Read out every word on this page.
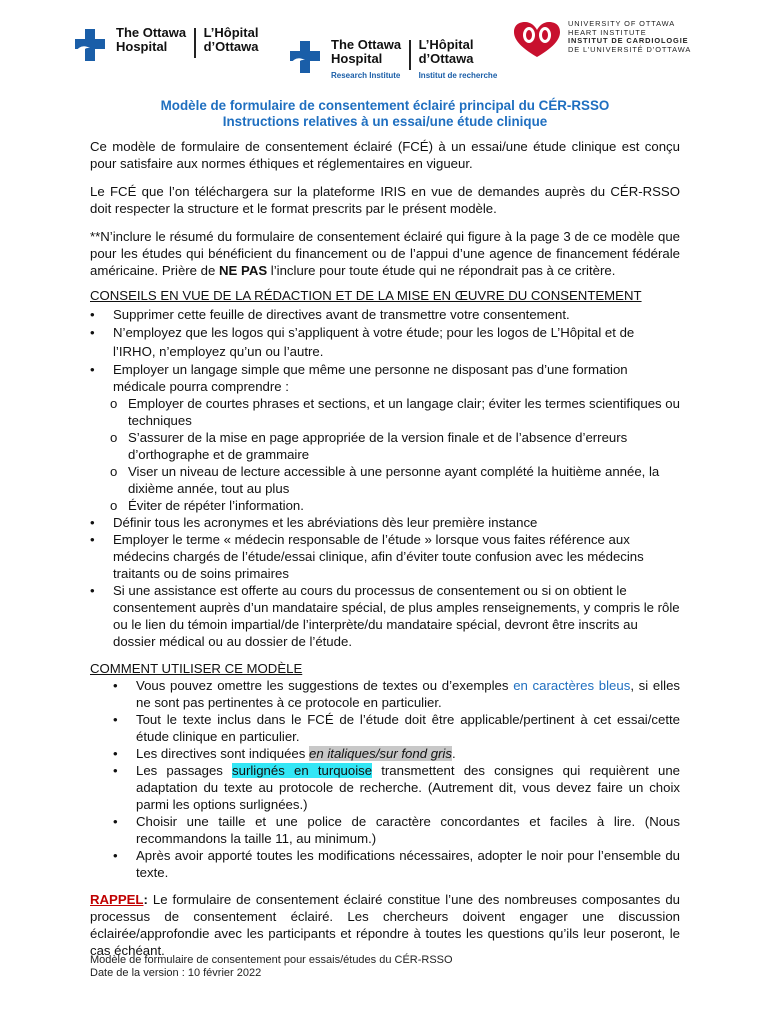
The Ottawa
HospitalL’Hôpital
d’Ottawa	The Ottawa
Hospital
Research Institute
L’Hôpital
d’Ottawa
Institut de recherche
UNIVERSITY OF OTTAWA
HEART INSTITUTE
INSTITUT DE CARDIOLOGIE
DE L’UNIVERSITÉ D’OTTAWA
Modèle de formulaire de consentement éclairé principal du CÉR-RSSO
Instructions relatives à un essai/une étude clinique

Ce modèle de formulaire de consentement éclairé (FCÉ) à un essai/une étude clinique est conçu pour satisfaire aux normes éthiques et réglementaires en vigueur.

Le FCÉ que l’on téléchargera sur la plateforme IRIS en vue de demandes auprès du CÉR-RSSO doit respecter la structure et le format prescrits par le présent modèle.

**N’inclure le résumé du formulaire de consentement éclairé qui figure à la page 3 de ce modèle que pour les études qui bénéficient du financement ou de l’appui d’une agence de financement fédérale américaine. Prière de NE PAS l’inclure pour toute étude qui ne répondrait pas à ce critère.

CONSEILS EN VUE DE LA RÉDACTION ET DE LA MISE EN ŒUVRE DU CONSENTEMENT
• Supprimer cette feuille de directives avant de transmettre votre consentement.
• N’employez que les logos qui s’appliquent à votre étude; pour les logos de L’Hôpital et de l’IRHO, n’employez qu’un ou l’autre.
• Employer un langage simple que même une personne ne disposant pas d’une formation médicale pourra comprendre :
o Employer de courtes phrases et sections, et un langage clair; éviter les termes scientifiques ou techniques
o S’assurer de la mise en page appropriée de la version finale et de l’absence d’erreurs d’orthographe et de grammaire
o Viser un niveau de lecture accessible à une personne ayant complété la huitième année, la dixième année, tout au plus
o Éviter de répéter l’information.
• Définir tous les acronymes et les abréviations dès leur première instance
• Employer le terme « médecin responsable de l’étude » lorsque vous faites référence aux médecins chargés de l’étude/essai clinique, afin d’éviter toute confusion avec les médecins traitants ou de soins primaires
• Si une assistance est offerte au cours du processus de consentement ou si on obtient le consentement auprès d’un mandataire spécial, de plus amples renseignements, y compris le rôle ou le lien du témoin impartial/de l’interprète/du mandataire spécial, devront être inscrits au dossier médical ou au dossier de l’étude.
COMMENT UTILISER CE MODÈLE
• Vous pouvez omettre les suggestions de textes ou d’exemples en caractères bleus, si elles ne sont pas pertinentes à ce protocole en particulier.
• Tout le texte inclus dans le FCÉ de l’étude doit être applicable/pertinent à cet essai/cette étude clinique en particulier.
• Les directives sont indiquées en italiques/sur fond gris.
• Les passages surlignés en turquoise transmettent des consignes qui requièrent une adaptation du texte au protocole de recherche. (Autrement dit, vous devez faire un choix parmi les options surlignées.)
• Choisir une taille et une police de caractère concordantes et faciles à lire. (Nous recommandons la taille 11, au minimum.)
• Après avoir apporté toutes les modifications nécessaires, adopter le noir pour l’ensemble du texte.

RAPPEL: Le formulaire de consentement éclairé constitue l’une des nombreuses composantes du processus de consentement éclairé. Les chercheurs doivent engager une discussion éclairée/approfondie avec les participants et répondre à toutes les questions qu’ils leur poseront, le cas échéant.

Modèle de formulaire de consentement pour essais/études du CÉR-RSSO
Date de la version : 10 février 2022
